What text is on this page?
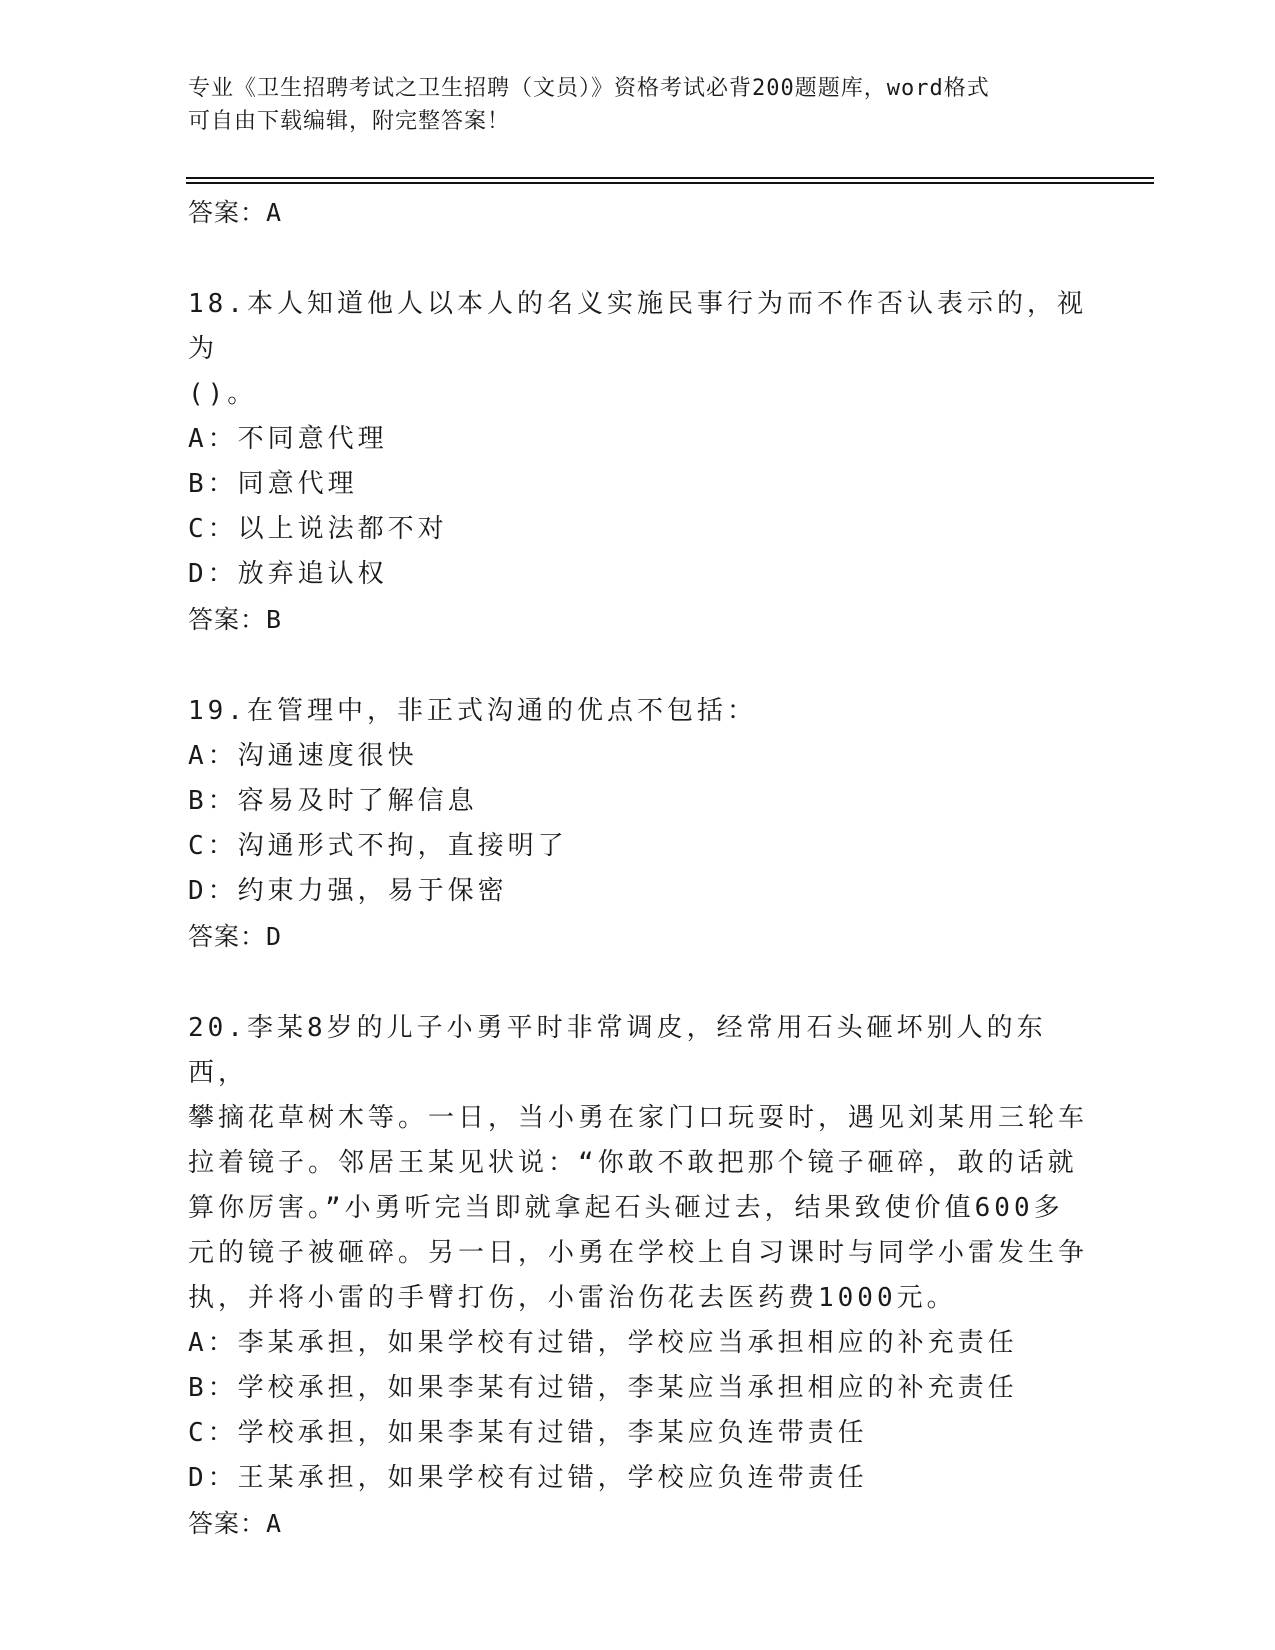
专业《卫生招聘考试之卫生招聘（文员）》资格考试必背200题题库，word格式
可自由下载编辑，附完整答案！
答案：A
18.本人知道他人以本人的名义实施民事行为而不作否认表示的，视为
()。
A：不同意代理
B：同意代理
C：以上说法都不对
D：放弃追认权
答案：B
19.在管理中，非正式沟通的优点不包括：
A：沟通速度很快
B：容易及时了解信息
C：沟通形式不拘，直接明了
D：约束力强，易于保密
答案：D
20.李某8岁的儿子小勇平时非常调皮，经常用石头砸坏别人的东西，
攀摘花草树木等。一日，当小勇在家门口玩耍时，遇见刘某用三轮车
拉着镜子。邻居王某见状说：“你敢不敢把那个镜子砸碎，敢的话就
算你厉害。”小勇听完当即就拿起石头砸过去，结果致使价值600多
元的镜子被砸碎。另一日，小勇在学校上自习课时与同学小雷发生争
执，并将小雷的手臂打伤，小雷治伤花去医药费1000元。
A：李某承担，如果学校有过错，学校应当承担相应的补充责任
B：学校承担，如果李某有过错，李某应当承担相应的补充责任
C：学校承担，如果李某有过错，李某应负连带责任
D：王某承担，如果学校有过错，学校应负连带责任
答案：A
